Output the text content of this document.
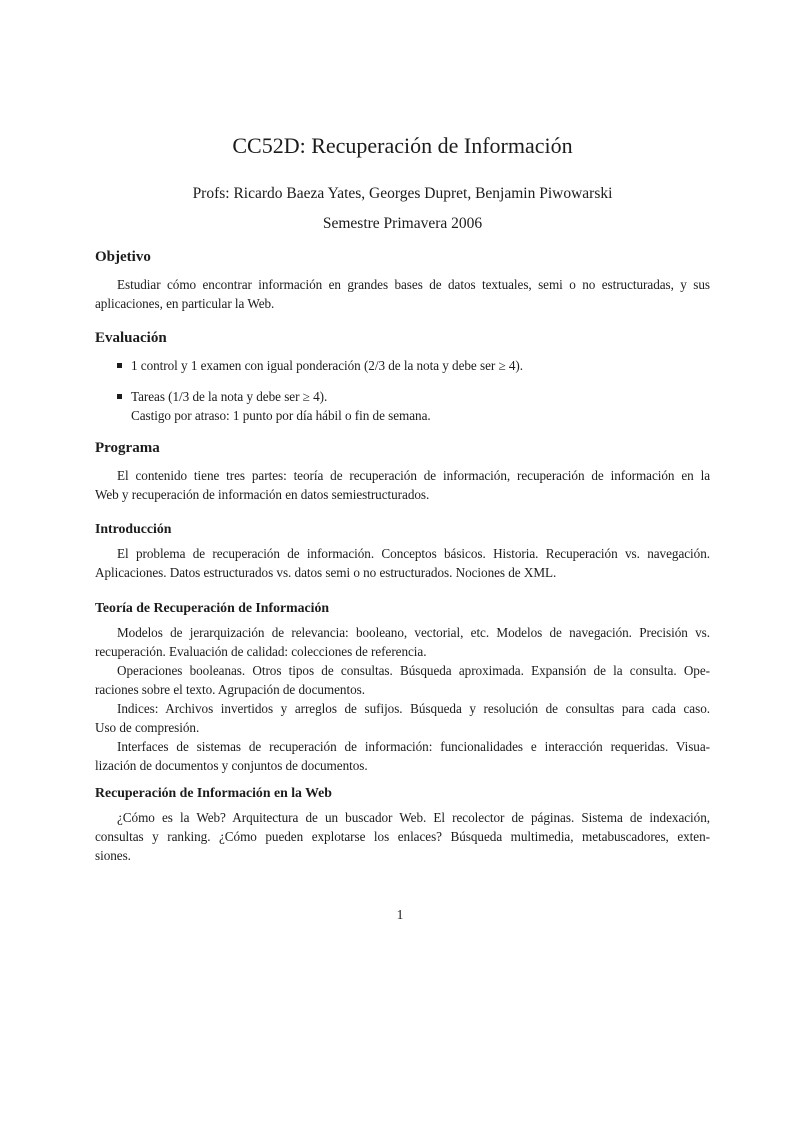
CC52D: Recuperación de Información
Profs: Ricardo Baeza Yates, Georges Dupret, Benjamin Piwowarski
Semestre Primavera 2006
Objetivo
Estudiar cómo encontrar información en grandes bases de datos textuales, semi o no estructuradas, y sus
aplicaciones, en particular la Web.
Evaluación
1 control y 1 examen con igual ponderación (2/3 de la nota y debe ser ≥ 4).
Tareas (1/3 de la nota y debe ser ≥ 4).
Castigo por atraso: 1 punto por día hábil o fin de semana.
Programa
El contenido tiene tres partes: teoría de recuperación de información, recuperación de información en la
Web y recuperación de información en datos semiestructurados.
Introducción
El problema de recuperación de información. Conceptos básicos. Historia. Recuperación vs. navegación.
Aplicaciones. Datos estructurados vs. datos semi o no estructurados. Nociones de XML.
Teoría de Recuperación de Información
Modelos de jerarquización de relevancia: booleano, vectorial, etc. Modelos de navegación. Precisión vs.
recuperación. Evaluación de calidad: colecciones de referencia.
Operaciones booleanas. Otros tipos de consultas. Búsqueda aproximada. Expansión de la consulta. Ope-
raciones sobre el texto. Agrupación de documentos.
Indices: Archivos invertidos y arreglos de sufijos. Búsqueda y resolución de consultas para cada caso.
Uso de compresión.
Interfaces de sistemas de recuperación de información: funcionalidades e interacción requeridas. Visua-
lización de documentos y conjuntos de documentos.
Recuperación de Información en la Web
¿Cómo es la Web? Arquitectura de un buscador Web. El recolector de páginas. Sistema de indexación,
consultas y ranking. ¿Cómo pueden explotarse los enlaces? Búsqueda multimedia, metabuscadores, exten-
siones.
1
